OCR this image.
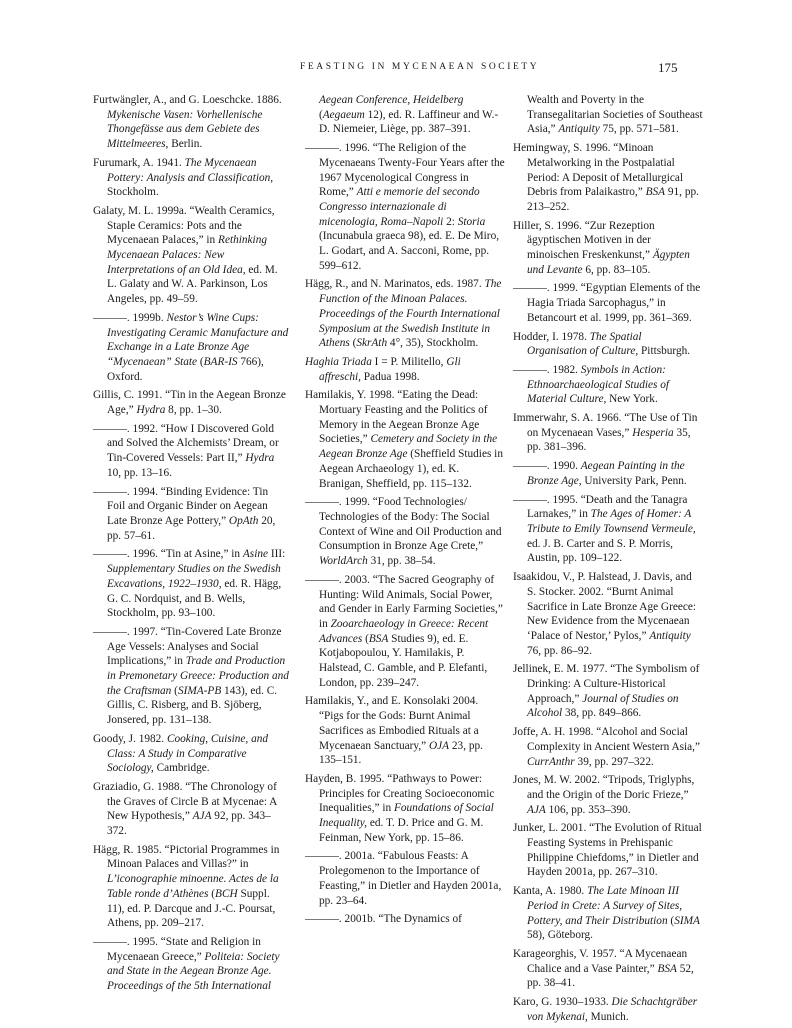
FEASTING IN MYCENAEAN SOCIETY	175

Furtwängler, A., and G. Loeschcke. 1886. Mykenische Vasen: Vorhellenische Thongefässe aus dem Gebiete des Mittelmeeres, Berlin.

Furumark, A. 1941. The Mycenaean Pottery: Analysis and Classification, Stockholm.

Galaty, M. L. 1999a. “Wealth Ceramics, Staple Ceramics: Pots and the Mycenaean Palaces,” in Rethinking Mycenaean Palaces: New Interpretations of an Old Idea, ed. M. L. Galaty and W. A. Parkinson, Los Angeles, pp. 49–59.

———. 1999b. Nestor’s Wine Cups: Investigating Ceramic Manufacture and Exchange in a Late Bronze Age “Mycenaean” State (BAR-IS 766), Oxford.

Gillis, C. 1991. “Tin in the Aegean Bronze Age,” Hydra 8, pp. 1–30.

———. 1992. “How I Discovered Gold and Solved the Alchemists’ Dream, or Tin-Covered Vessels: Part II,” Hydra 10, pp. 13–16.

———. 1994. “Binding Evidence: Tin Foil and Organic Binder on Aegean Late Bronze Age Pottery,” OpAth 20, pp. 57–61.

———. 1996. “Tin at Asine,” in Asine III: Supplementary Studies on the Swedish Excavations, 1922–1930, ed. R. Hägg, G. C. Nordquist, and B. Wells, Stockholm, pp. 93–100.

———. 1997. “Tin-Covered Late Bronze Age Vessels: Analyses and Social Implications,” in Trade and Production in Premonetary Greece: Production and the Craftsman (SIMA-PB 143), ed. C. Gillis, C. Risberg, and B. Sjöberg, Jonsered, pp. 131–138.

Goody, J. 1982. Cooking, Cuisine, and Class: A Study in Comparative Sociology, Cambridge.

Graziadio, G. 1988. “The Chronology of the Graves of Circle B at Mycenae: A New Hypothesis,” AJA 92, pp. 343–372.

Hägg, R. 1985. “Pictorial Programmes in Minoan Palaces and Villas?” in L’iconographie minoenne. Actes de la Table ronde d’Athènes (BCH Suppl. 11), ed. P. Darcque and J.-C. Poursat, Athens, pp. 209–217.

———. 1995. “State and Religion in Mycenaean Greece,” Politeia: Society and State in the Aegean Bronze Age. Proceedings of the 5th International

Aegean Conference, Heidelberg (Aegaeum 12), ed. R. Laffineur and W.-D. Niemeier, Liège, pp. 387–391.

———. 1996. “The Religion of the Mycenaeans Twenty-Four Years after the 1967 Mycenological Congress in Rome,” Atti e memorie del secondo Congresso internazionale di micenologia, Roma–Napoli 2: Storia (Incunabula graeca 98), ed. E. De Miro, L. Godart, and A. Sacconi, Rome, pp. 599–612.

Hägg, R., and N. Marinatos, eds. 1987. The Function of the Minoan Palaces. Proceedings of the Fourth International Symposium at the Swedish Institute in Athens (SkrAth 4°, 35), Stockholm.

Haghia Triada I = P. Militello, Gli affreschi, Padua 1998.

Hamilakis, Y. 1998. “Eating the Dead: Mortuary Feasting and the Politics of Memory in the Aegean Bronze Age Societies,” Cemetery and Society in the Aegean Bronze Age (Sheffield Studies in Aegean Archaeology 1), ed. K. Branigan, Sheffield, pp. 115–132.

———. 1999. “Food Technologies/ Technologies of the Body: The Social Context of Wine and Oil Production and Consumption in Bronze Age Crete,” WorldArch 31, pp. 38–54.

———. 2003. “The Sacred Geography of Hunting: Wild Animals, Social Power, and Gender in Early Farming Societies,” in Zooarchaeology in Greece: Recent Advances (BSA Studies 9), ed. E. Kotjabopoulou, Y. Hamilakis, P. Halstead, C. Gamble, and P. Elefanti, London, pp. 239–247.

Hamilakis, Y., and E. Konsolaki 2004. “Pigs for the Gods: Burnt Animal Sacrifices as Embodied Rituals at a Mycenaean Sanctuary,” OJA 23, pp. 135–151.

Hayden, B. 1995. “Pathways to Power: Principles for Creating Socioeconomic Inequalities,” in Foundations of Social Inequality, ed. T. D. Price and G. M. Feinman, New York, pp. 15–86.

———. 2001a. “Fabulous Feasts: A Prolegomenon to the Importance of Feasting,” in Dietler and Hayden 2001a, pp. 23–64.

———. 2001b. “The Dynamics of

Wealth and Poverty in the Transegalitarian Societies of Southeast Asia,” Antiquity 75, pp. 571–581.

Hemingway, S. 1996. “Minoan Metalworking in the Postpalatial Period: A Deposit of Metallurgical Debris from Palaikastro,” BSA 91, pp. 213–252.

Hiller, S. 1996. “Zur Rezeption ägyptischen Motiven in der minoischen Freskenkunst,” Ägypten und Levante 6, pp. 83–105.

———. 1999. “Egyptian Elements of the Hagia Triada Sarcophagus,” in Betancourt et al. 1999, pp. 361–369.

Hodder, I. 1978. The Spatial Organisation of Culture, Pittsburgh.

———. 1982. Symbols in Action: Ethnoarchaeological Studies of Material Culture, New York.

Immerwahr, S. A. 1966. “The Use of Tin on Mycenaean Vases,” Hesperia 35, pp. 381–396.

———. 1990. Aegean Painting in the Bronze Age, University Park, Penn.

———. 1995. “Death and the Tanagra Larnakes,” in The Ages of Homer: A Tribute to Emily Townsend Vermeule, ed. J. B. Carter and S. P. Morris, Austin, pp. 109–122.

Isaakidou, V., P. Halstead, J. Davis, and S. Stocker. 2002. “Burnt Animal Sacrifice in Late Bronze Age Greece: New Evidence from the Mycenaean ‘Palace of Nestor,’ Pylos,” Antiquity 76, pp. 86–92.

Jellinek, E. M. 1977. “The Symbolism of Drinking: A Culture-Historical Approach,” Journal of Studies on Alcohol 38, pp. 849–866.

Joffe, A. H. 1998. “Alcohol and Social Complexity in Ancient Western Asia,” CurrAnthr 39, pp. 297–322.

Jones, M. W. 2002. “Tripods, Triglyphs, and the Origin of the Doric Frieze,” AJA 106, pp. 353–390.

Junker, L. 2001. “The Evolution of Ritual Feasting Systems in Prehispanic Philippine Chiefdoms,” in Dietler and Hayden 2001a, pp. 267–310.

Kanta, A. 1980. The Late Minoan III Period in Crete: A Survey of Sites, Pottery, and Their Distribution (SIMA 58), Göteborg.

Karageorghis, V. 1957. “A Mycenaean Chalice and a Vase Painter,” BSA 52, pp. 38–41.

Karo, G. 1930–1933. Die Schachtgräber von Mykenai, Munich.
